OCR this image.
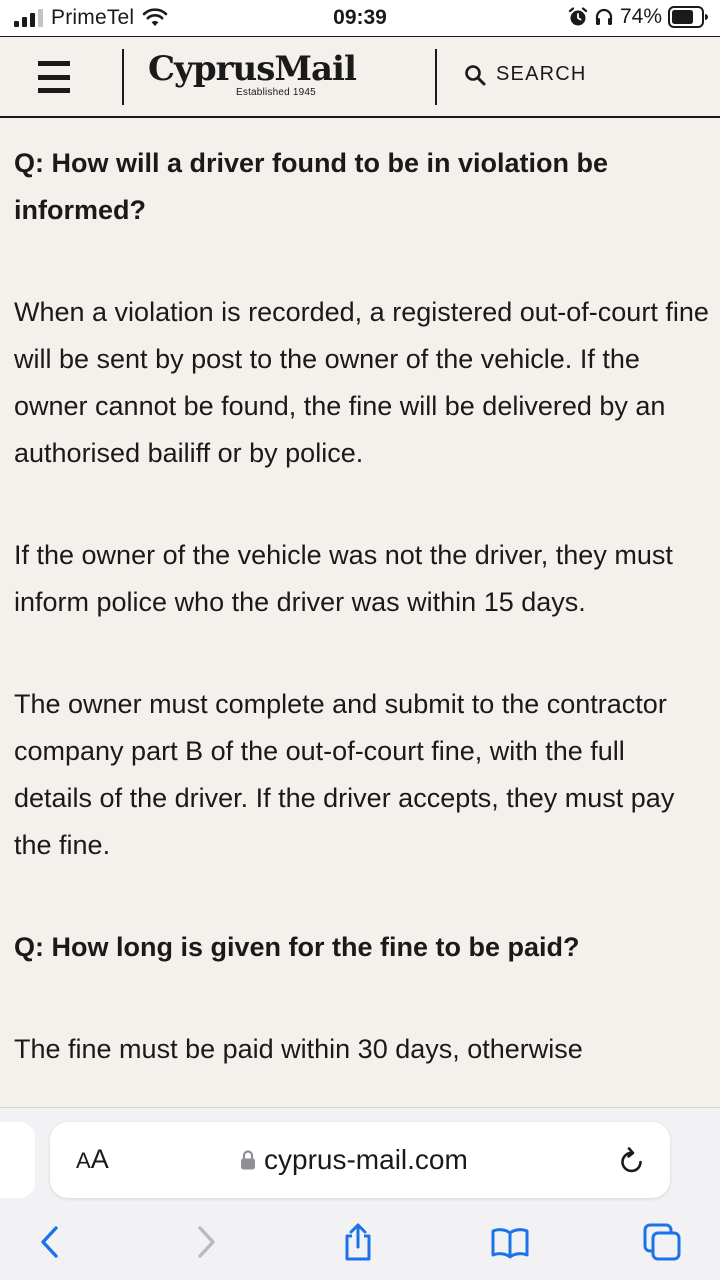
PrimeTel	09:39	74%
CyprusMail
Established 1945
SEARCH
Q: How will a driver found to be in violation be informed?
When a violation is recorded, a registered out-of-court fine will be sent by post to the owner of the vehicle. If the owner cannot be found, the fine will be delivered by an authorised bailiff or by police.
If the owner of the vehicle was not the driver, they must inform police who the driver was within 15 days.
The owner must complete and submit to the contractor company part B of the out-of-court fine, with the full details of the driver. If the driver accepts, they must pay the fine.
Q: How long is given for the fine to be paid?
The fine must be paid within 30 days, otherwise
AA	cyprus-mail.com
